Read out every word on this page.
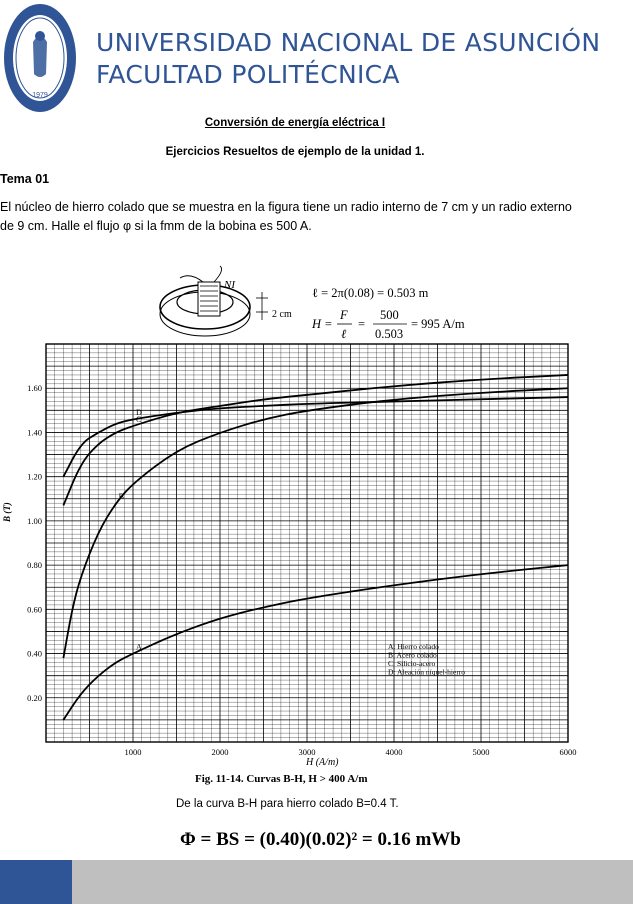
1979
UNIVERSIDAD NACIONAL DE ASUNCIÓN
FACULTAD POLITÉCNICA
Conversión de energía eléctrica I
Ejercicios Resueltos de ejemplo de la unidad 1.
Tema 01
El núcleo de hierro colado que se muestra en la figura tiene un radio interno de 7 cm y un radio externo
de 9 cm. Halle el flujo φ si la fmm de la bobina es 500 A.
NI
2 cm
ℓ = 2π(0.08) = 0.503 m
H =
F
ℓ
=
500
0.503
= 995 A/m
A
B
C
D
1000	2000	3000	4000	5000	6000
0.20
0.40
0.60
0.80
1.00
1.20
1.40
1.60
A: Hierro colado
B: Acero colado
C: Silicio-acero
D: Aleación níquel-hierro
B (T)
H (A/m)
Fig. 11-14. Curvas B-H, H > 400 A/m
De la curva B-H para hierro colado B=0.4 T.
Φ = BS = (0.40)(0.02)² = 0.16 mWb
